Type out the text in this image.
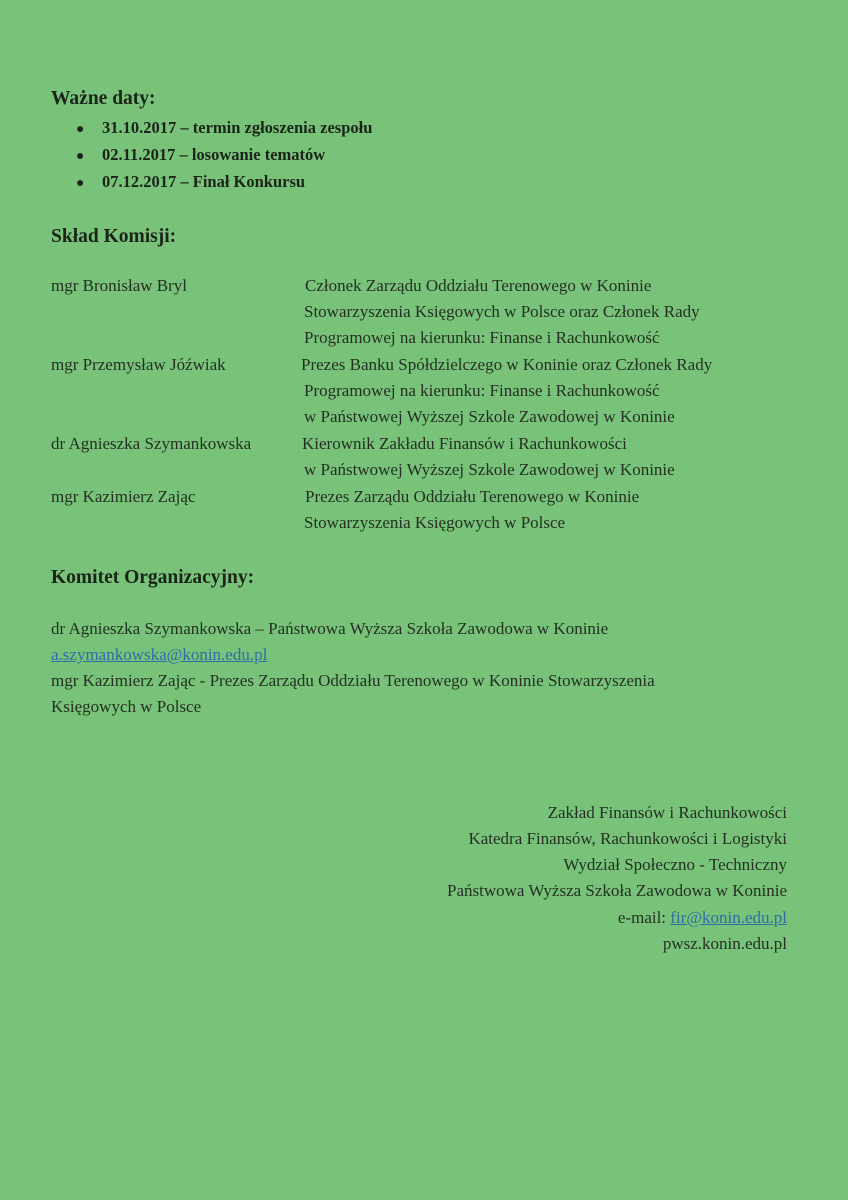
Ważne daty:
● 31.10.2017 – termin zgłoszenia zespołu
● 02.11.2017 – losowanie tematów
● 07.12.2017 – Finał Konkursu
Skład Komisji:
mgr Bronisław Bryl	Członek Zarządu Oddziału Terenowego w Koninie
Stowarzyszenia Księgowych w Polsce oraz Członek Rady
Programowej na kierunku: Finanse i Rachunkowość
mgr Przemysław Jóźwiak	Prezes Banku Spółdzielczego w Koninie oraz Członek Rady
Programowej na kierunku: Finanse i Rachunkowość
w Państwowej Wyższej Szkole Zawodowej w Koninie
dr Agnieszka Szymankowska	Kierownik Zakładu Finansów i Rachunkowości
w Państwowej Wyższej Szkole Zawodowej w Koninie
mgr Kazimierz Zając	Prezes Zarządu Oddziału Terenowego w Koninie
Stowarzyszenia Księgowych w Polsce
Komitet Organizacyjny:
dr Agnieszka Szymankowska – Państwowa Wyższa Szkoła Zawodowa w Koninie
a.szymankowska@konin.edu.pl
mgr Kazimierz Zając - Prezes Zarządu Oddziału Terenowego w Koninie Stowarzyszenia
Księgowych w Polsce
Zakład Finansów i Rachunkowości
Katedra Finansów, Rachunkowości i Logistyki
Wydział Społeczno - Techniczny
Państwowa Wyższa Szkoła Zawodowa w Koninie
e-mail: fir@konin.edu.pl
pwsz.konin.edu.pl
